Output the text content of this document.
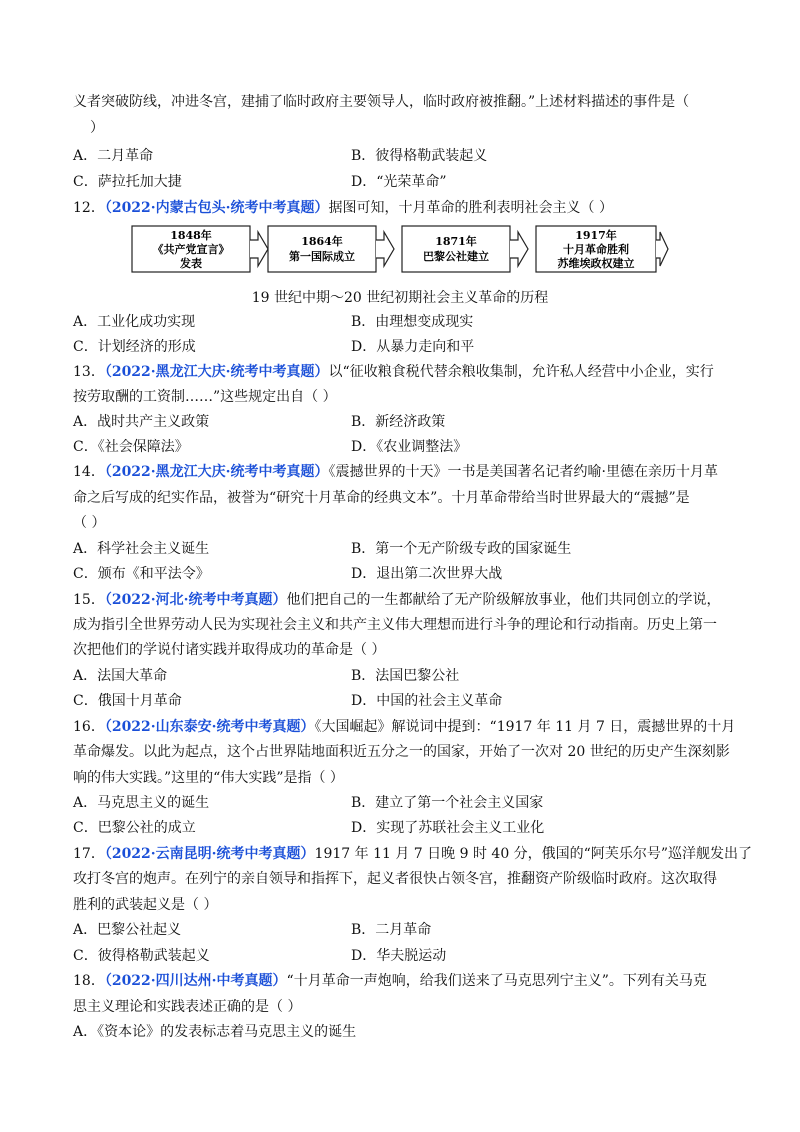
义者突破防线，冲进冬宫，建捕了临时政府主要领导人，临时政府被推翻。”上述材料描述的事件是（
）
A．二月革命	B．彼得格勒武装起义
C．萨拉托加大捷	D．“光荣革命”
12．（2022·内蒙古包头·统考中考真题）据图可知，十月革命的胜利表明社会主义（ ）
1848年
《共产党宣言》
发表
1864年
第一国际成立
1871年
巴黎公社建立
1917年
十月革命胜利
苏维埃政权建立
19 世纪中期～20 世纪初期社会主义革命的历程
A．工业化成功实现	B．由理想变成现实
C．计划经济的形成	D．从暴力走向和平
13．（2022·黑龙江大庆·统考中考真题）以“征收粮食税代替余粮收集制，允许私人经营中小企业，实行
按劳取酬的工资制……”这些规定出自（ ）
A．战时共产主义政策	B．新经济政策
C．《社会保障法》	D．《农业调整法》
14．（2022·黑龙江大庆·统考中考真题）《震撼世界的十天》一书是美国著名记者约喻·里德在亲历十月革
命之后写成的纪实作品，被誉为“研究十月革命的经典文本”。十月革命带给当时世界最大的“震撼”是
（ ）
A．科学社会主义诞生	B．第一个无产阶级专政的国家诞生
C．颁布《和平法令》	D．退出第二次世界大战
15．（2022·河北·统考中考真题）他们把自己的一生都献给了无产阶级解放事业，他们共同创立的学说，
成为指引全世界劳动人民为实现社会主义和共产主义伟大理想而进行斗争的理论和行动指南。历史上第一
次把他们的学说付诸实践并取得成功的革命是（ ）
A．法国大革命	B．法国巴黎公社
C．俄国十月革命	D．中国的社会主义革命
16．（2022·山东泰安·统考中考真题）《大国崛起》解说词中提到：“1917 年 11 月 7 日，震撼世界的十月
革命爆发。以此为起点，这个占世界陆地面积近五分之一的国家，开始了一次对 20 世纪的历史产生深刻影
响的伟大实践。”这里的“伟大实践”是指（ ）
A．马克思主义的诞生	B．建立了第一个社会主义国家
C．巴黎公社的成立	D．实现了苏联社会主义工业化
17．（2022·云南昆明·统考中考真题）1917 年 11 月 7 日晚 9 时 40 分，俄国的“阿芙乐尔号”巡洋舰发出了
攻打冬宫的炮声。在列宁的亲自领导和指挥下，起义者很快占领冬宫，推翻资产阶级临时政府。这次取得
胜利的武装起义是（ ）
A．巴黎公社起义	B．二月革命
C．彼得格勒武装起义	D．华夫脱运动
18．（2022·四川达州·中考真题）“十月革命一声炮响，给我们送来了马克思列宁主义”。下列有关马克
思主义理论和实践表述正确的是（ ）
A．《资本论》的发表标志着马克思主义的诞生
